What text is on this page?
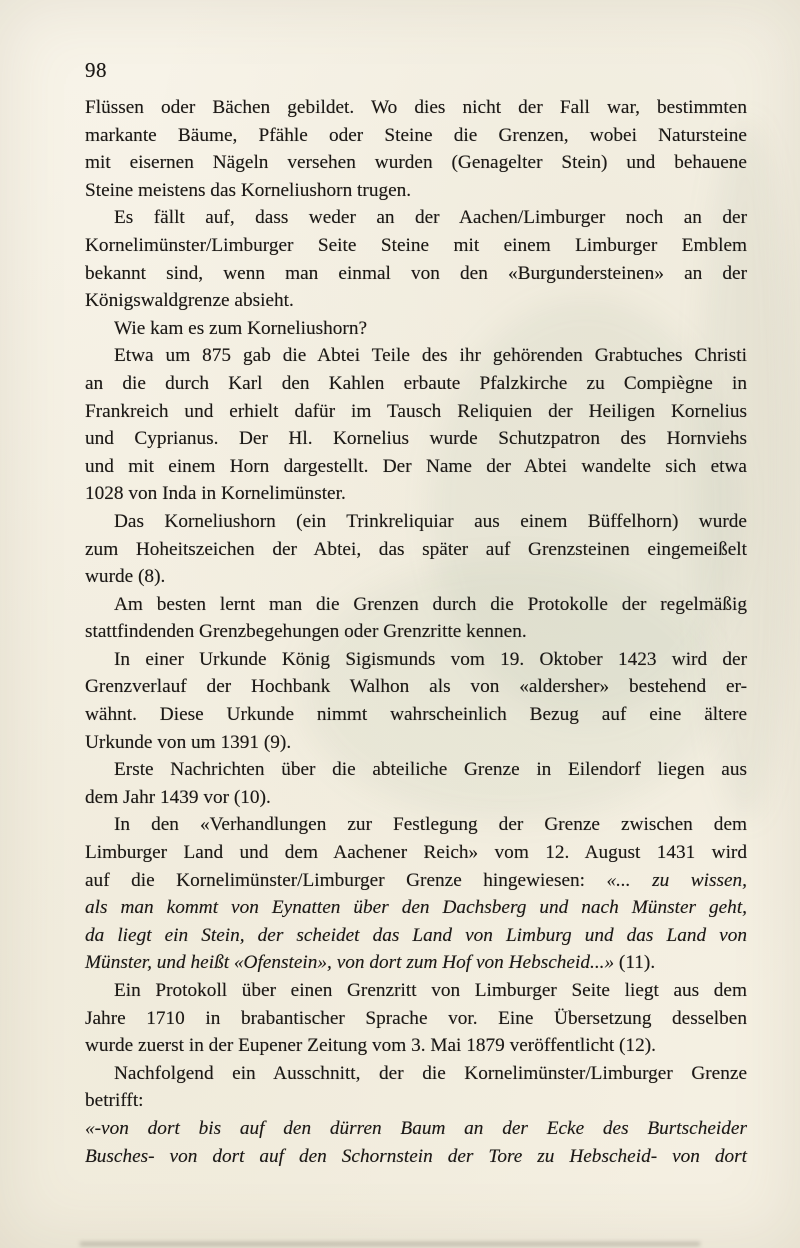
98
Flüssen oder Bächen gebildet. Wo dies nicht der Fall war, bestimmten
markante Bäume, Pfähle oder Steine die Grenzen, wobei Natursteine
mit eisernen Nägeln versehen wurden (Genagelter Stein) und behauene
Steine meistens das Korneliushorn trugen.
Es fällt auf, dass weder an der Aachen/Limburger noch an der
Kornelimünster/Limburger Seite Steine mit einem Limburger Emblem
bekannt sind, wenn man einmal von den «Burgundersteinen» an der
Königswaldgrenze absieht.
Wie kam es zum Korneliushorn?
Etwa um 875 gab die Abtei Teile des ihr gehörenden Grabtuches Christi
an die durch Karl den Kahlen erbaute Pfalzkirche zu Compiègne in
Frankreich und erhielt dafür im Tausch Reliquien der Heiligen Kornelius
und Cyprianus. Der Hl. Kornelius wurde Schutzpatron des Hornviehs
und mit einem Horn dargestellt. Der Name der Abtei wandelte sich etwa
1028 von Inda in Kornelimünster.
Das Korneliushorn (ein Trinkreliquiar aus einem Büffelhorn) wurde
zum Hoheitszeichen der Abtei, das später auf Grenzsteinen eingemeißelt
wurde (8).
Am besten lernt man die Grenzen durch die Protokolle der regelmäßig
stattfindenden Grenzbegehungen oder Grenzritte kennen.
In einer Urkunde König Sigismunds vom 19. Oktober 1423 wird der
Grenzverlauf der Hochbank Walhon als von «aldersher» bestehend er-
wähnt. Diese Urkunde nimmt wahrscheinlich Bezug auf eine ältere
Urkunde von um 1391 (9).
Erste Nachrichten über die abteiliche Grenze in Eilendorf liegen aus
dem Jahr 1439 vor (10).
In den «Verhandlungen zur Festlegung der Grenze zwischen dem
Limburger Land und dem Aachener Reich» vom 12. August 1431 wird
auf die Kornelimünster/Limburger Grenze hingewiesen: «... zu wissen,
als man kommt von Eynatten über den Dachsberg und nach Münster geht,
da liegt ein Stein, der scheidet das Land von Limburg und das Land von
Münster, und heißt «Ofenstein», von dort zum Hof von Hebscheid...» (11).
Ein Protokoll über einen Grenzritt von Limburger Seite liegt aus dem
Jahre 1710 in brabantischer Sprache vor. Eine Übersetzung desselben
wurde zuerst in der Eupener Zeitung vom 3. Mai 1879 veröffentlicht (12).
Nachfolgend ein Ausschnitt, der die Kornelimünster/Limburger Grenze
betrifft:
«-von dort bis auf den dürren Baum an der Ecke des Burtscheider
Busches- von dort auf den Schornstein der Tore zu Hebscheid- von dort
